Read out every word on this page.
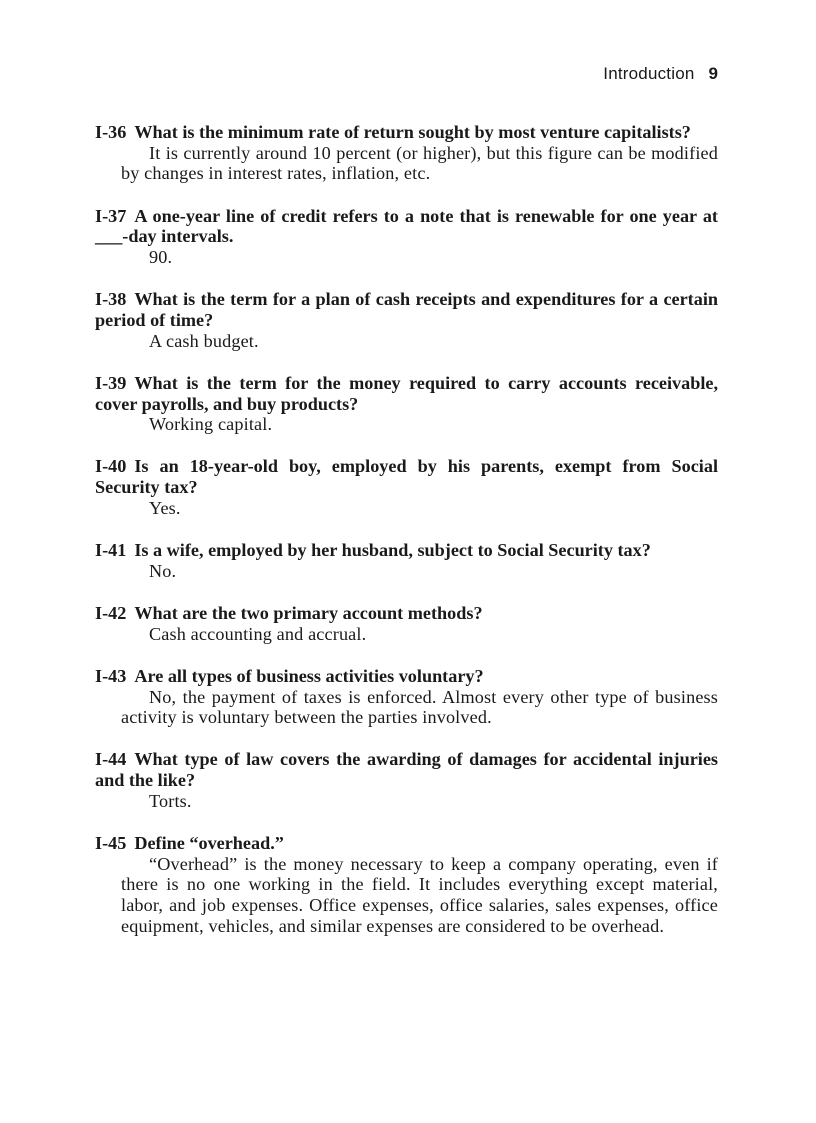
Introduction 9
I-36 What is the minimum rate of return sought by most venture capitalists?
It is currently around 10 percent (or higher), but this figure can be modified by changes in interest rates, inflation, etc.
I-37 A one-year line of credit refers to a note that is renewable for one year at ___-day intervals.
90.
I-38 What is the term for a plan of cash receipts and expenditures for a certain period of time?
A cash budget.
I-39 What is the term for the money required to carry accounts receivable, cover payrolls, and buy products?
Working capital.
I-40 Is an 18-year-old boy, employed by his parents, exempt from Social Security tax?
Yes.
I-41 Is a wife, employed by her husband, subject to Social Security tax?
No.
I-42 What are the two primary account methods?
Cash accounting and accrual.
I-43 Are all types of business activities voluntary?
No, the payment of taxes is enforced. Almost every other type of business activity is voluntary between the parties involved.
I-44 What type of law covers the awarding of damages for accidental injuries and the like?
Torts.
I-45 Define “overhead.”
“Overhead” is the money necessary to keep a company operating, even if there is no one working in the field. It includes everything except material, labor, and job expenses. Office expenses, office salaries, sales expenses, office equipment, vehicles, and similar expenses are considered to be overhead.
